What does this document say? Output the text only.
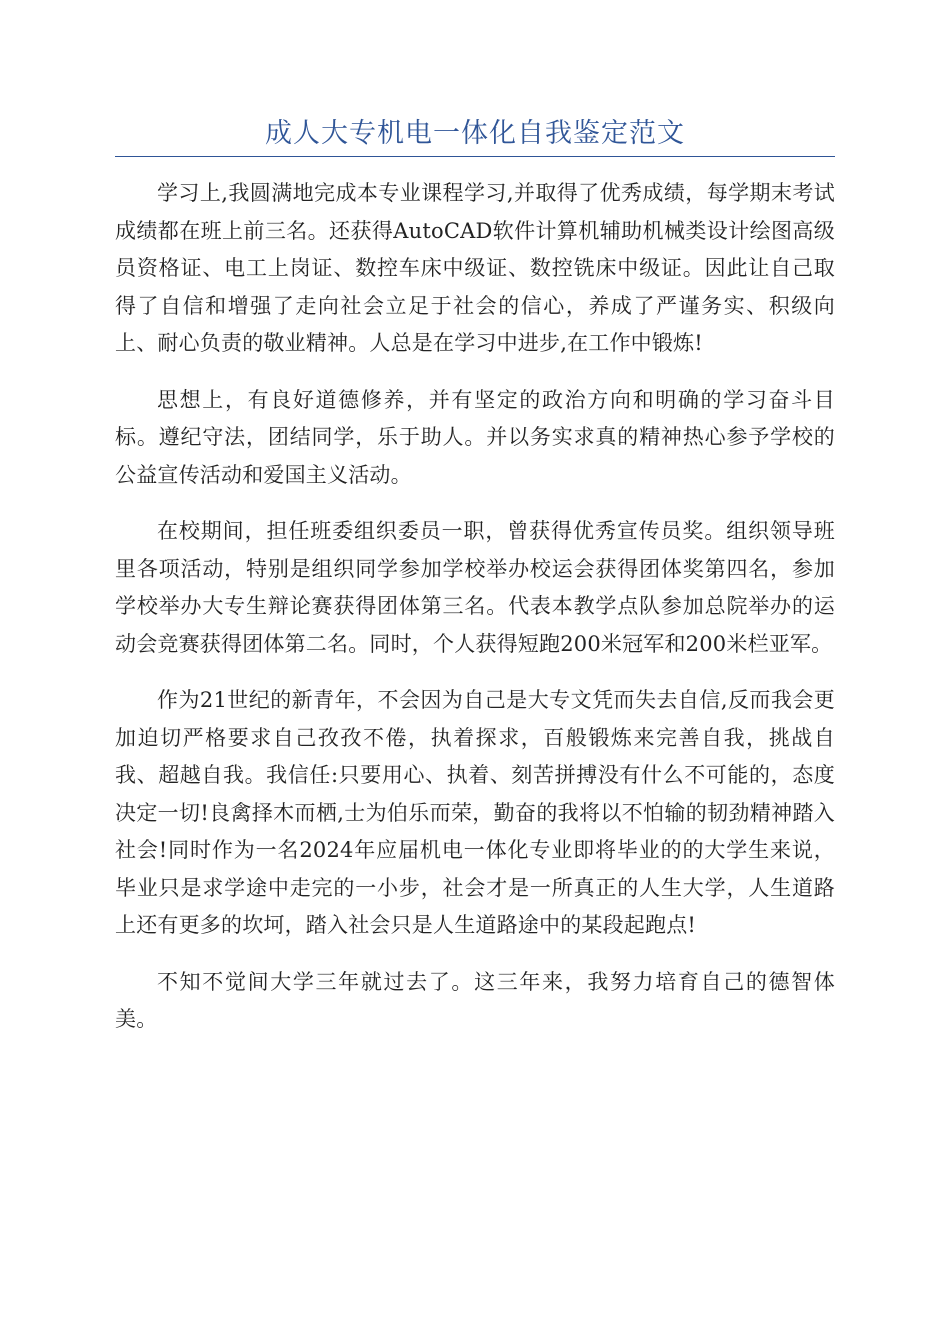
成人大专机电一体化自我鉴定范文

学习上,我圆满地完成本专业课程学习,并取得了优秀成绩，每学期末考试成绩都在班上前三名。还获得AutoCAD软件计算机辅助机械类设计绘图高级员资格证、电工上岗证、数控车床中级证、数控铣床中级证。因此让自己取得了自信和增强了走向社会立足于社会的信心，养成了严谨务实、积级向上、耐心负责的敬业精神。人总是在学习中进步,在工作中锻炼!

思想上，有良好道德修养，并有坚定的政治方向和明确的学习奋斗目标。遵纪守法，团结同学，乐于助人。并以务实求真的精神热心参予学校的公益宣传活动和爱国主义活动。

在校期间，担任班委组织委员一职，曾获得优秀宣传员奖。组织领导班里各项活动，特别是组织同学参加学校举办校运会获得团体奖第四名，参加学校举办大专生辩论赛获得团体第三名。代表本教学点队参加总院举办的运动会竞赛获得团体第二名。同时，个人获得短跑200米冠军和200米栏亚军。

作为21世纪的新青年，不会因为自己是大专文凭而失去自信,反而我会更加迫切严格要求自己孜孜不倦，执着探求，百般锻炼来完善自我，挑战自我、超越自我。我信任:只要用心、执着、刻苦拼搏没有什么不可能的，态度决定一切!良禽择木而栖,士为伯乐而荣，勤奋的我将以不怕输的韧劲精神踏入社会!同时作为一名2024年应届机电一体化专业即将毕业的的大学生来说，毕业只是求学途中走完的一小步，社会才是一所真正的人生大学，人生道路上还有更多的坎坷，踏入社会只是人生道路途中的某段起跑点!

不知不觉间大学三年就过去了。这三年来，我努力培育自己的德智体美。
